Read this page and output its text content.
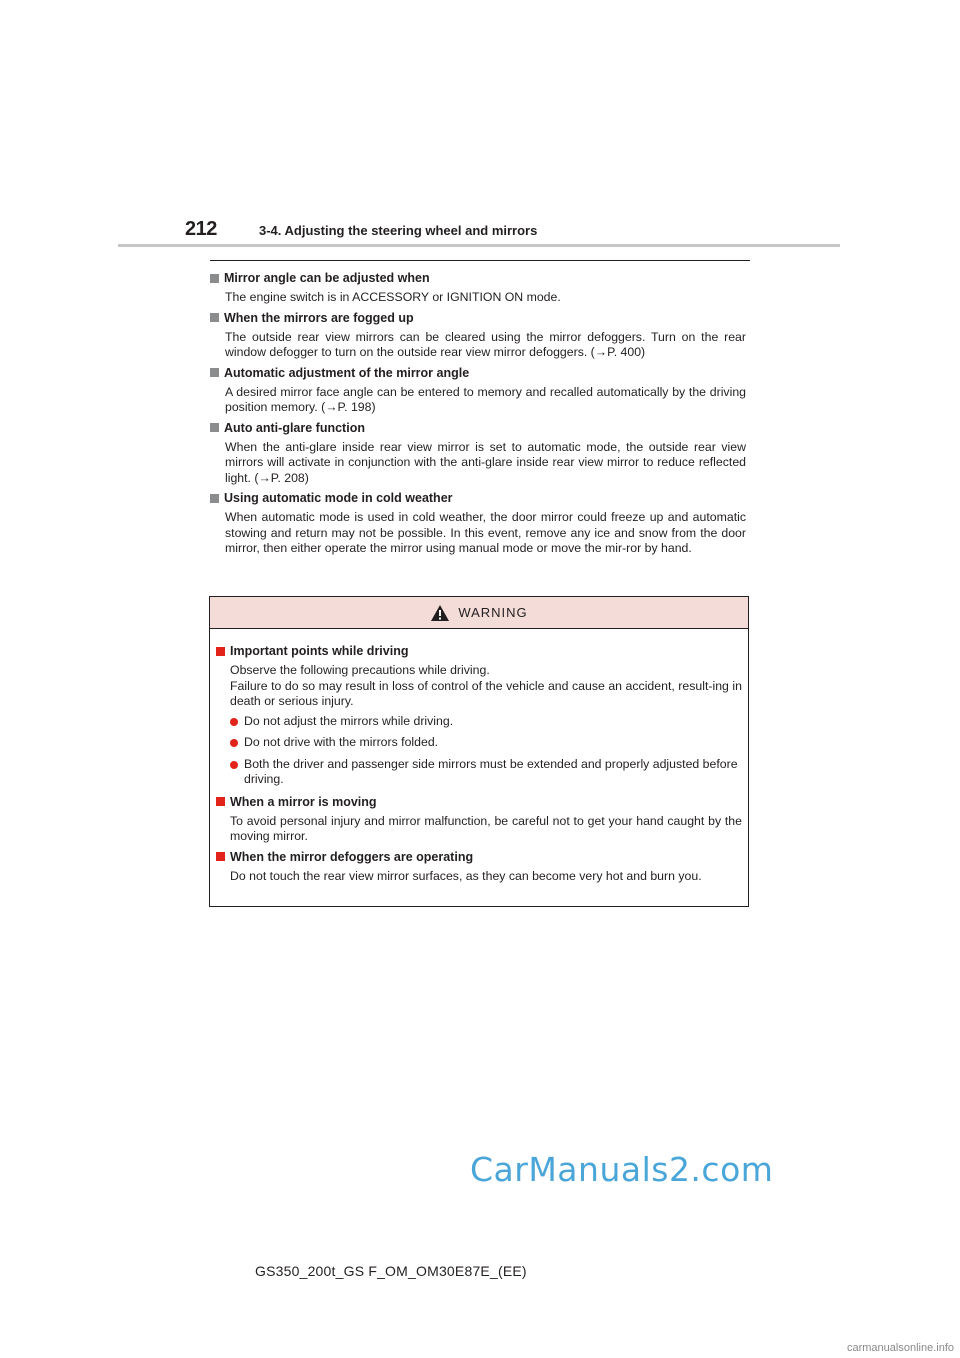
212	3-4. Adjusting the steering wheel and mirrors
Mirror angle can be adjusted when
The engine switch is in ACCESSORY or IGNITION ON mode.
When the mirrors are fogged up
The outside rear view mirrors can be cleared using the mirror defoggers. Turn on the rear window defogger to turn on the outside rear view mirror defoggers. (→P. 400)
Automatic adjustment of the mirror angle
A desired mirror face angle can be entered to memory and recalled automatically by the driving position memory. (→P. 198)
Auto anti-glare function
When the anti-glare inside rear view mirror is set to automatic mode, the outside rear view mirrors will activate in conjunction with the anti-glare inside rear view mirror to reduce reflected light. (→P. 208)
Using automatic mode in cold weather
When automatic mode is used in cold weather, the door mirror could freeze up and automatic stowing and return may not be possible. In this event, remove any ice and snow from the door mirror, then either operate the mirror using manual mode or move the mir-ror by hand.
WARNING
Important points while driving
Observe the following precautions while driving.
Failure to do so may result in loss of control of the vehicle and cause an accident, result-ing in death or serious injury.
Do not adjust the mirrors while driving.
Do not drive with the mirrors folded.
Both the driver and passenger side mirrors must be extended and properly adjusted before driving.
When a mirror is moving
To avoid personal injury and mirror malfunction, be careful not to get your hand caught by the moving mirror.
When the mirror defoggers are operating
Do not touch the rear view mirror surfaces, as they can become very hot and burn you.
CarManuals2.com
GS350_200t_GS F_OM_OM30E87E_(EE)
carmanualsonline.info
